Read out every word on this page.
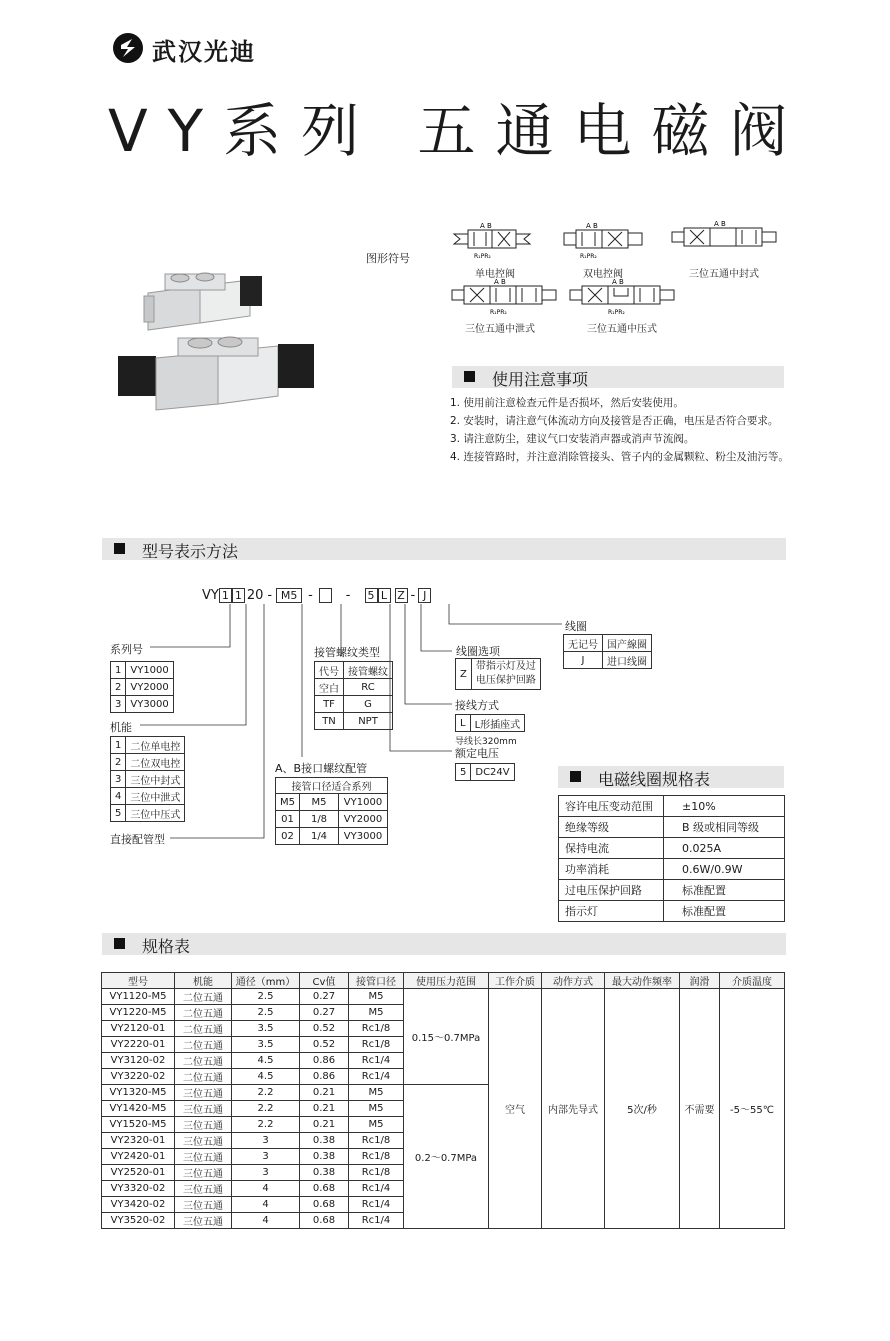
武汉光迪
VY系列 五通电磁阀
图形符号
A B
R₁PR₂
单电控阀
A B
R₁PR₂
双电控阀
A B
三位五通中封式
A B
R₁PR₂
三位五通中泄式
A B
R₁PR₂
三位五通中压式
使用注意事项
1. 使用前注意检查元件是否损坏，然后安装使用。
2. 安装时，请注意气体流动方向及接管是否正确，电压是否符合要求。
3. 请注意防尘，建议气口安装消声器或消声节流阀。
4. 连接管路时，并注意消除管接头、管子内的金属颗粒、粉尘及油污等。
型号表示方法
VY 1 1 20 - M5 -	- 5 L Z - J
系列号
1	VY1000
2	VY2000
3	VY3000
机能
1	二位单电控
2	二位双电控
3	三位中封式
4	三位中泄式
5	三位中压式
直接配管型
A、B接口螺纹配管
接管口径适合系列		
M5	M5	VY1000
01	1/8	VY2000
02	1/4	VY3000
接管螺纹类型
代号	接管螺纹
空白	RC
TF	G
TN	NPT
线圈选项
Z	
带指示灯及过
电压保护回路
接线方式
L	L形插座式
导线长320mm
额定电压
5	DC24V
线圈
无记号	国产線圈
J	进口线圈
电磁线圈规格表
容许电压变动范围	±10%
绝缘等级	B 级或相同等级
保持电流	0.025A
功率消耗	0.6W/0.9W
过电压保护回路	标准配置
指示灯	标准配置
规格表
型号	机能	通径（mm）	Cv值	接管口径	使用压力范围	工作介质	动作方式	最大动作频率	润滑	介质温度
VY1120-M5	二位五通	2.5	0.27	M5	0.15～0.7MPa	空气	内部先导式	5次/秒	不需要	-5～55℃
VY1220-M5	二位五通	2.5	0.27	M5						
VY2120-01	二位五通	3.5	0.52	Rc1/8						
VY2220-01	二位五通	3.5	0.52	Rc1/8						
VY3120-02	二位五通	4.5	0.86	Rc1/4						
VY3220-02	二位五通	4.5	0.86	Rc1/4						
VY1320-M5	三位五通	2.2	0.21	M5	0.2～0.7MPa					
VY1420-M5	三位五通	2.2	0.21	M5						
VY1520-M5	三位五通	2.2	0.21	M5						
VY2320-01	三位五通	3	0.38	Rc1/8						
VY2420-01	三位五通	3	0.38	Rc1/8						
VY2520-01	三位五通	3	0.38	Rc1/8						
VY3320-02	三位五通	4	0.68	Rc1/4						
VY3420-02	三位五通	4	0.68	Rc1/4						
VY3520-02	三位五通	4	0.68	Rc1/4						
